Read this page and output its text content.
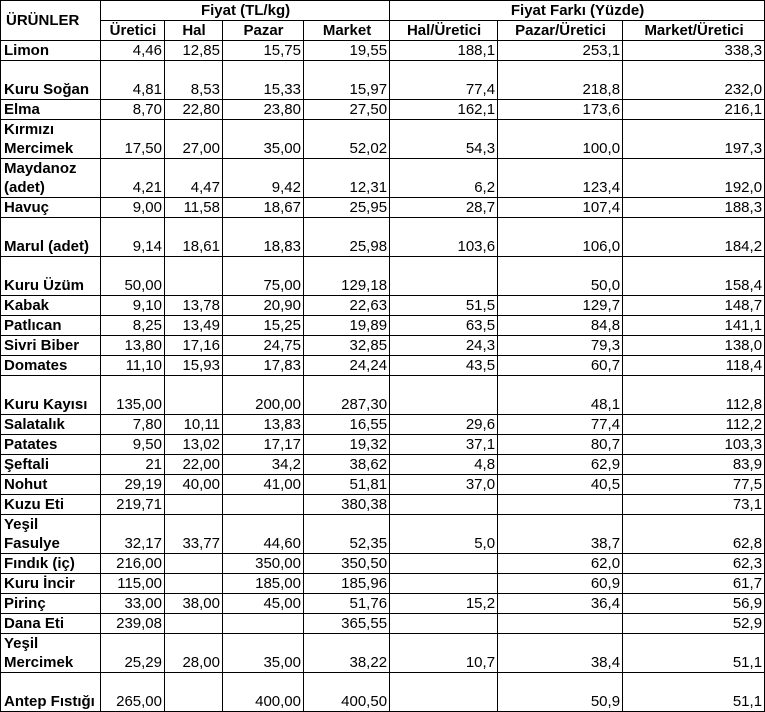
ÜRÜNLER	Fiyat (TL/kg)				Fiyat Farkı (Yüzde)		
	Üretici	Hal	Pazar	Market	Hal/Üretici	Pazar/Üretici	Market/Üretici
Limon	4,46	12,85	15,75	19,55	188,1	253,1	338,3
Kuru Soğan	4,81	8,53	15,33	15,97	77,4	218,8	232,0
Elma	8,70	22,80	23,80	27,50	162,1	173,6	216,1
Kırmızı Mercimek	17,50	27,00	35,00	52,02	54,3	100,0	197,3
Maydanoz (adet)	4,21	4,47	9,42	12,31	6,2	123,4	192,0
Havuç	9,00	11,58	18,67	25,95	28,7	107,4	188,3
Marul (adet)	9,14	18,61	18,83	25,98	103,6	106,0	184,2
Kuru Üzüm	50,00		75,00	129,18		50,0	158,4
Kabak	9,10	13,78	20,90	22,63	51,5	129,7	148,7
Patlıcan	8,25	13,49	15,25	19,89	63,5	84,8	141,1
Sivri Biber	13,80	17,16	24,75	32,85	24,3	79,3	138,0
Domates	11,10	15,93	17,83	24,24	43,5	60,7	118,4
Kuru Kayısı	135,00		200,00	287,30		48,1	112,8
Salatalık	7,80	10,11	13,83	16,55	29,6	77,4	112,2
Patates	9,50	13,02	17,17	19,32	37,1	80,7	103,3
Şeftali	21	22,00	34,2	38,62	4,8	62,9	83,9
Nohut	29,19	40,00	41,00	51,81	37,0	40,5	77,5
Kuzu Eti	219,71			380,38			73,1
Yeşil Fasulye	32,17	33,77	44,60	52,35	5,0	38,7	62,8
Fındık (iç)	216,00		350,00	350,50		62,0	62,3
Kuru İncir	115,00		185,00	185,96		60,9	61,7
Pirinç	33,00	38,00	45,00	51,76	15,2	36,4	56,9
Dana Eti	239,08			365,55			52,9
Yeşil Mercimek	25,29	28,00	35,00	38,22	10,7	38,4	51,1
Antep Fıstığı	265,00		400,00	400,50		50,9	51,1
